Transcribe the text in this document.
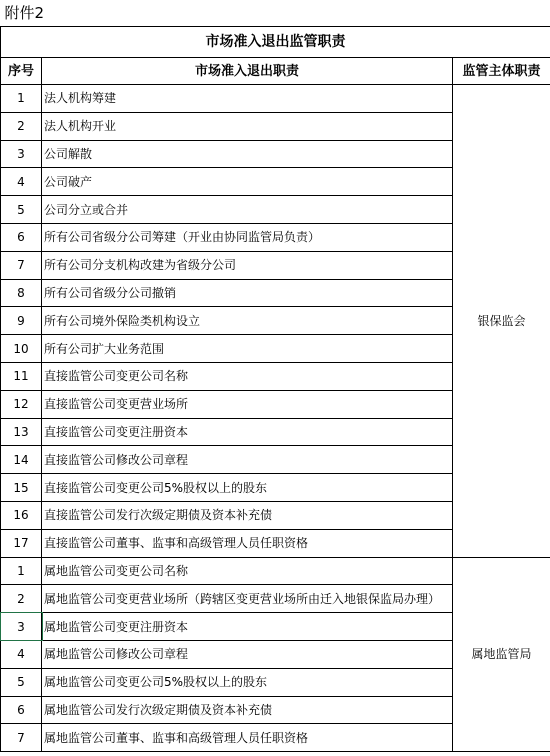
附件2		
市场准入退出监管职责		
序号	市场准入退出职责	监管主体职责
1	法人机构筹建	银保监会
2	法人机构开业	
3	公司解散	
4	公司破产	
5	公司分立或合并	
6	所有公司省级分公司筹建（开业由协同监管局负责）	
7	所有公司分支机构改建为省级分公司	
8	所有公司省级分公司撤销	
9	所有公司境外保险类机构设立	
10	所有公司扩大业务范围	
11	直接监管公司变更公司名称	
12	直接监管公司变更营业场所	
13	直接监管公司变更注册资本	
14	直接监管公司修改公司章程	
15	直接监管公司变更公司5%股权以上的股东	
16	直接监管公司发行次级定期债及资本补充债	
17	直接监管公司董事、监事和高级管理人员任职资格	
1	属地监管公司变更公司名称	属地监管局
2	属地监管公司变更营业场所（跨辖区变更营业场所由迁入地银保监局办理）	
3	属地监管公司变更注册资本	
4	属地监管公司修改公司章程	
5	属地监管公司变更公司5%股权以上的股东	
6	属地监管公司发行次级定期债及资本补充债	
7	属地监管公司董事、监事和高级管理人员任职资格	
